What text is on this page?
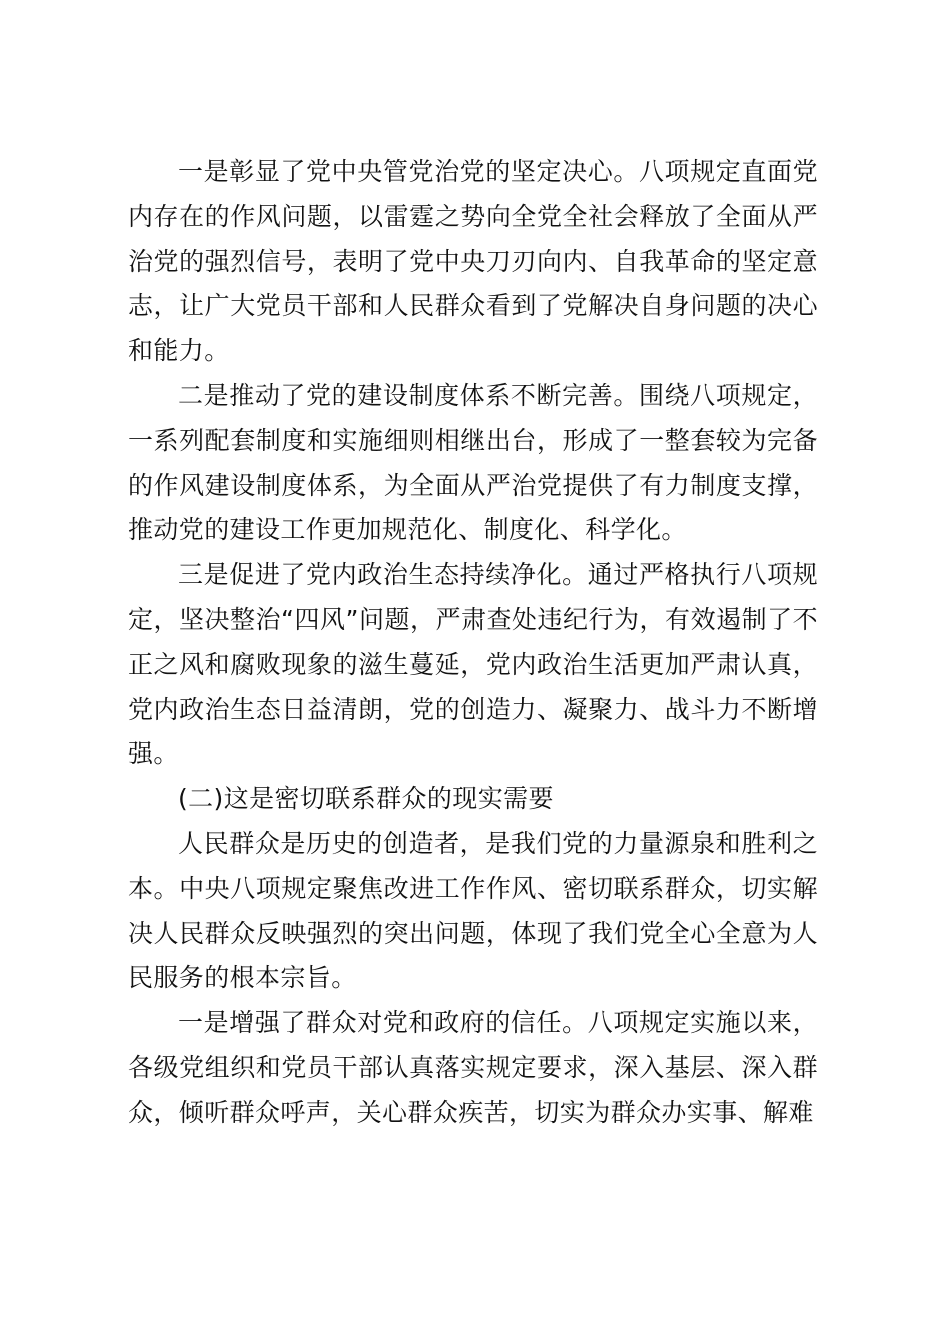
一是彰显了党中央管党治党的坚定决心。八项规定直面党内存在的作风问题，以雷霆之势向全党全社会释放了全面从严治党的强烈信号，表明了党中央刀刃向内、自我革命的坚定意志，让广大党员干部和人民群众看到了党解决自身问题的决心和能力。

二是推动了党的建设制度体系不断完善。围绕八项规定，一系列配套制度和实施细则相继出台，形成了一整套较为完备的作风建设制度体系，为全面从严治党提供了有力制度支撑，推动党的建设工作更加规范化、制度化、科学化。

三是促进了党内政治生态持续净化。通过严格执行八项规定，坚决整治“四风”问题，严肃查处违纪行为，有效遏制了不正之风和腐败现象的滋生蔓延，党内政治生活更加严肃认真，党内政治生态日益清朗，党的创造力、凝聚力、战斗力不断增强。

(二)这是密切联系群众的现实需要

人民群众是历史的创造者，是我们党的力量源泉和胜利之本。中央八项规定聚焦改进工作作风、密切联系群众，切实解决人民群众反映强烈的突出问题，体现了我们党全心全意为人民服务的根本宗旨。

一是增强了群众对党和政府的信任。八项规定实施以来，各级党组织和党员干部认真落实规定要求，深入基层、深入群众，倾听群众呼声，关心群众疾苦，切实为群众办实事、解难
